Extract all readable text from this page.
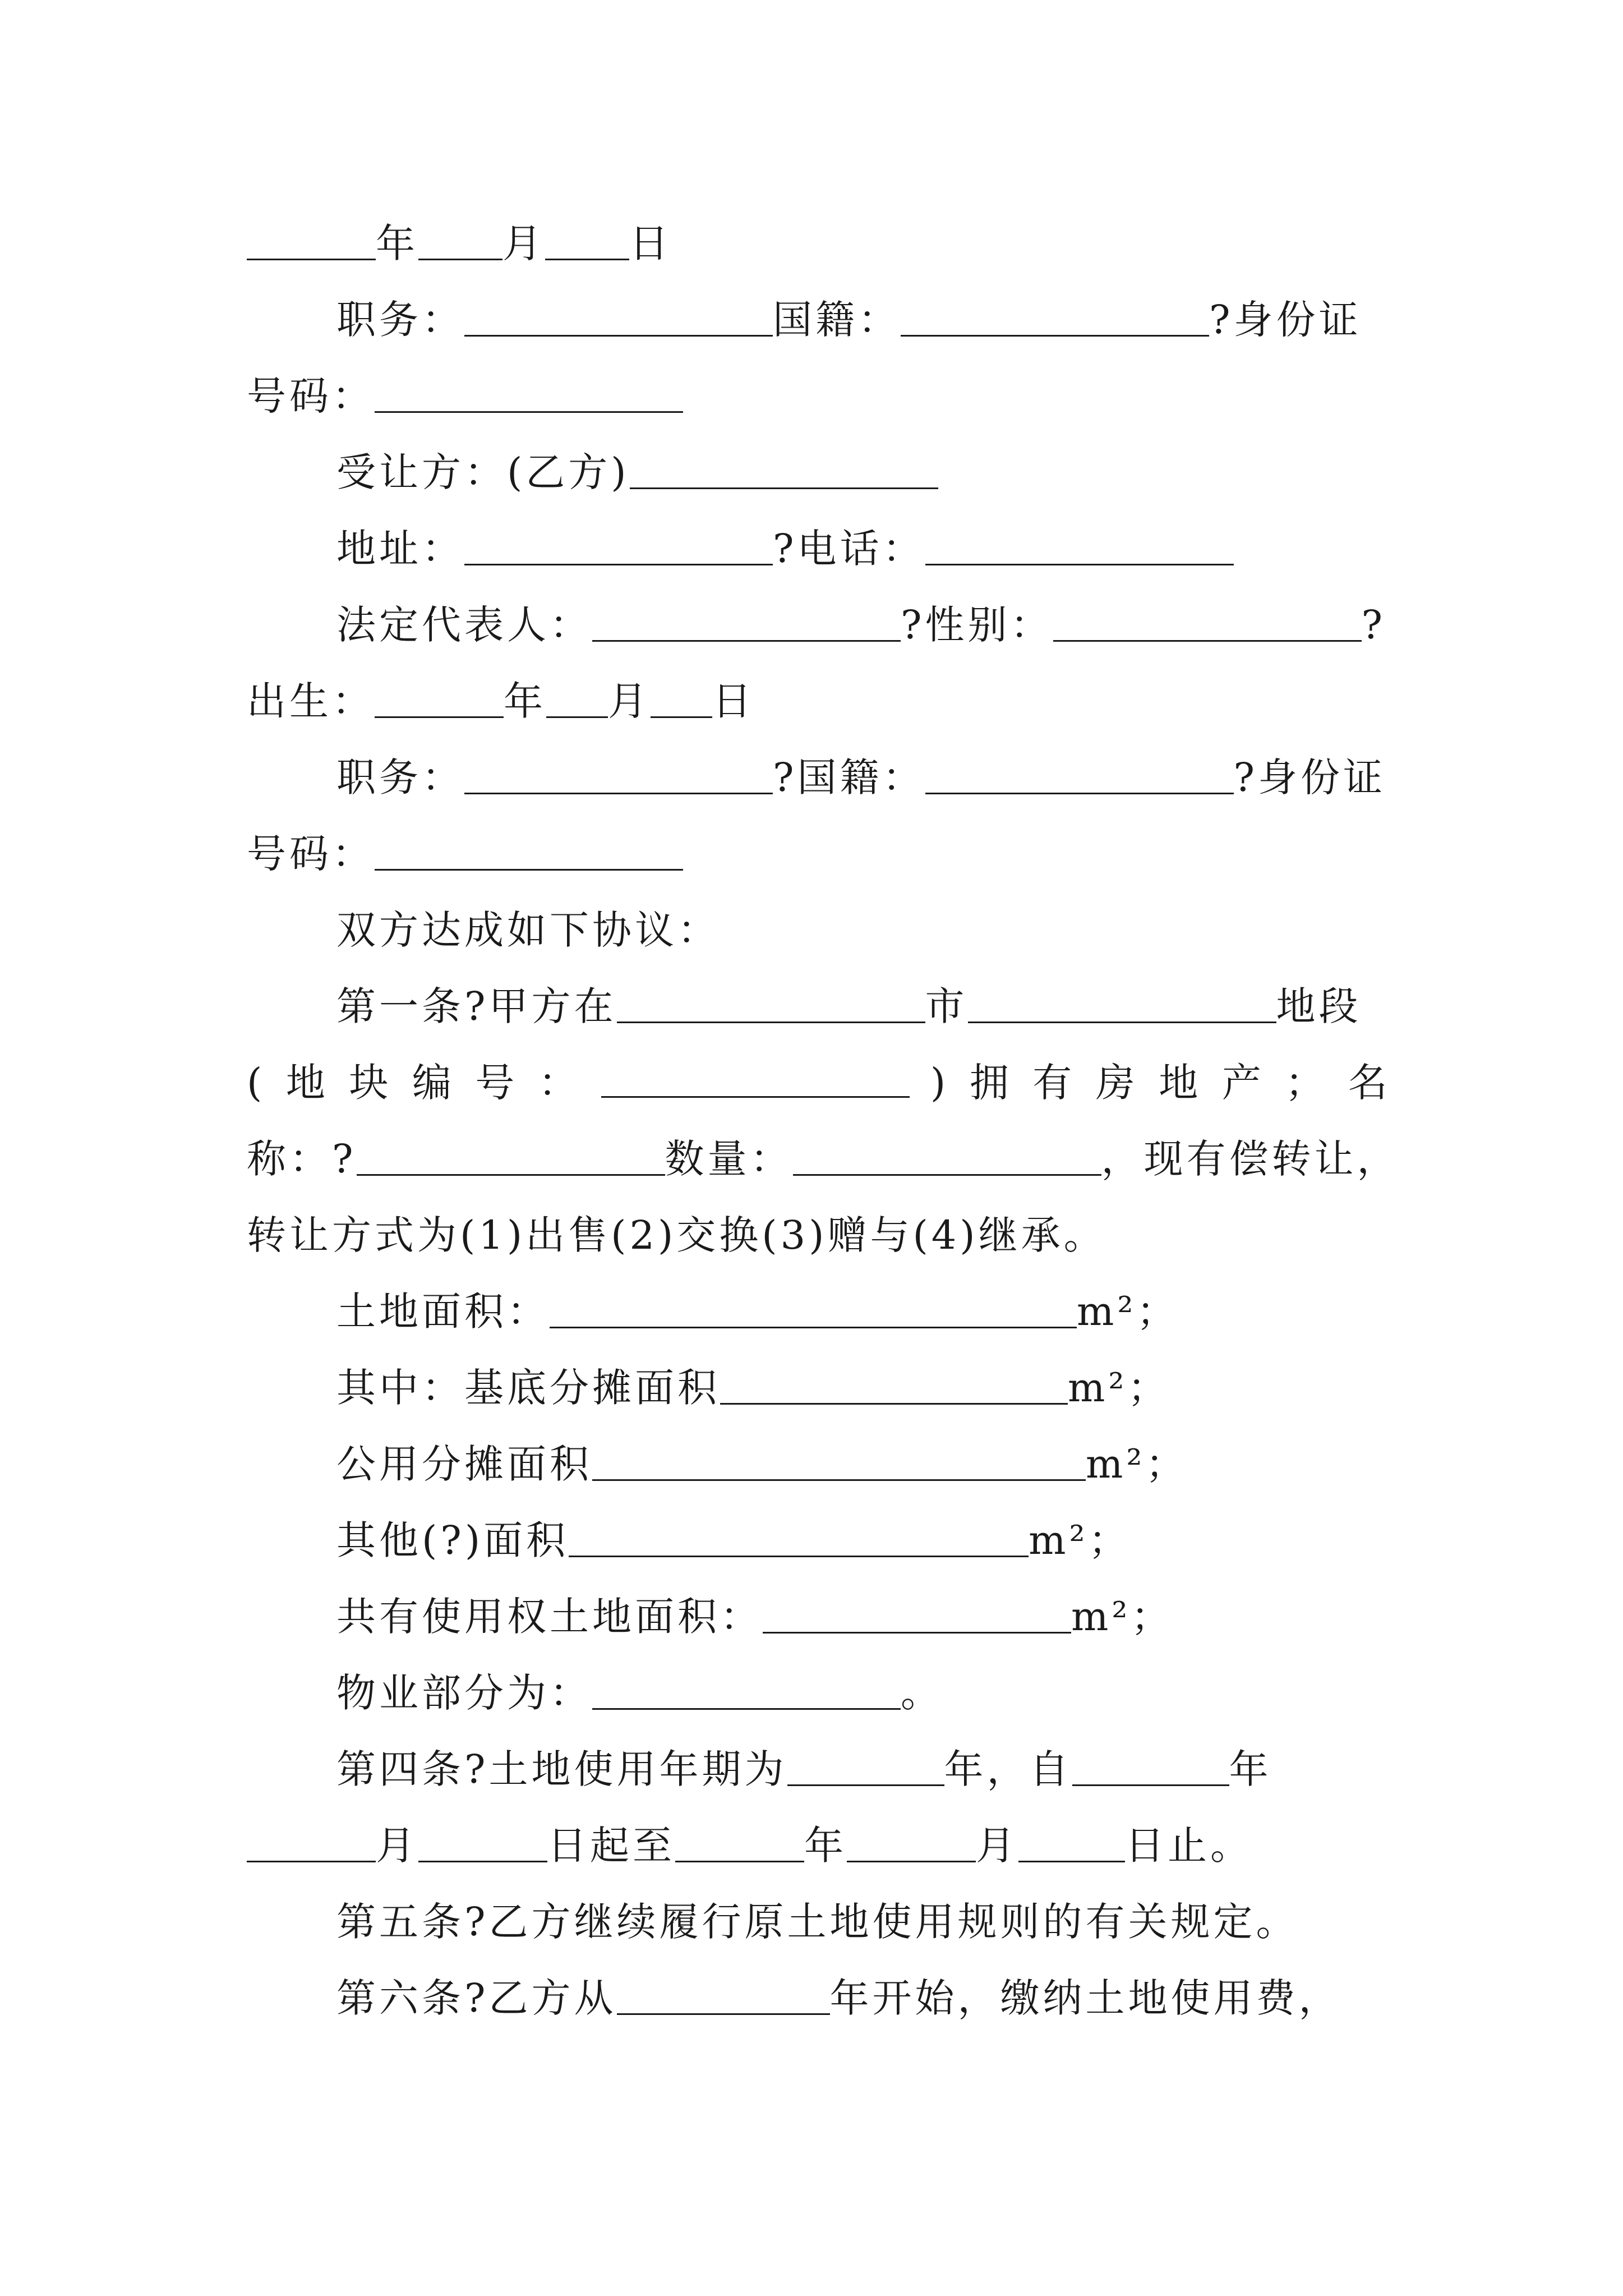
年 月 日
职务：	国籍：	?身份证
号码：
受让方：(乙方)
地址：	?电话：
法定代表人：	?性别：	?
出生：	年 月 日
职务：	?国籍：	?身份证
号码：
双方达成如下协议：
第一条?甲方在	市	地段
( 地 块 编 号 ：	) 拥 有 房 地 产 ； 名
称：?	数量：	，现有偿转让，
转让方式为(1)出售(2)交换(3)赠与(4)继承。
土地面积：	m²；
其中：基底分摊面积	m²；
公用分摊面积	m²；
其他(?)面积	m²；
共有使用权土地面积：	m²；
物业部分为：	。
第四条?土地使用年期为	年，自	年
月	日起至	年	月	日止。
第五条?乙方继续履行原土地使用规则的有关规定。
第六条?乙方从	年开始，缴纳土地使用费，
